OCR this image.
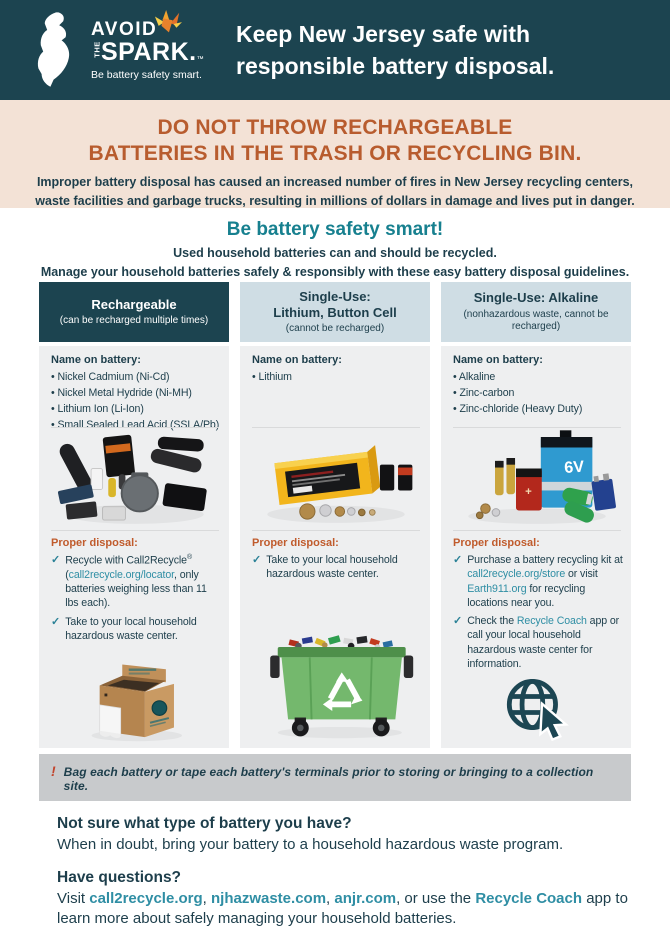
AVOID
THE SPARK. ™
Be battery safety smart.
Keep New Jersey safe with
responsible battery disposal.
DO NOT THROW RECHARGEABLE
BATTERIES IN THE TRASH OR RECYCLING BIN.
Improper battery disposal has caused an increased number of fires in New Jersey recycling centers,
waste facilities and garbage trucks, resulting in millions of dollars in damage and lives put in danger.
Be battery safety smart!
Used household batteries can and should be recycled.
Manage your household batteries safely & responsibly with these easy battery disposal guidelines.
Rechargeable
(can be recharged multiple times)
Name on battery:
• Nickel Cadmium (Ni-Cd)
• Nickel Metal Hydride (Ni-MH)
• Lithium Ion (Li-Ion)
• Small Sealed Lead Acid (SSLA/Pb)
Proper disposal:
✓ Recycle with Call2Recycle® (call2recycle.org/locator, only batteries weighing less than 11 lbs each).
✓ Take to your local household hazardous waste center.
Single-Use:
Lithium, Button Cell
(cannot be recharged)
Name on battery:
• Lithium
Proper disposal:
✓ Take to your local household hazardous waste center.
Single-Use: Alkaline
(nonhazardous waste, cannot be recharged)
Name on battery:
• Alkaline
• Zinc-carbon
• Zinc-chloride (Heavy Duty)
6V
+
Proper disposal:
✓ Purchase a battery recycling kit at call2recycle.org/store or visit Earth911.org for recycling locations near you.
✓ Check the Recycle Coach app or call your local household hazardous waste center for information.
! Bag each battery or tape each battery's terminals prior to storing or bringing to a collection site.
Not sure what type of battery you have?
When in doubt, bring your battery to a household hazardous waste program.
Have questions?
Visit call2recycle.org, njhazwaste.com, anjr.com, or use the Recycle Coach app to learn more about safely managing your household batteries.
